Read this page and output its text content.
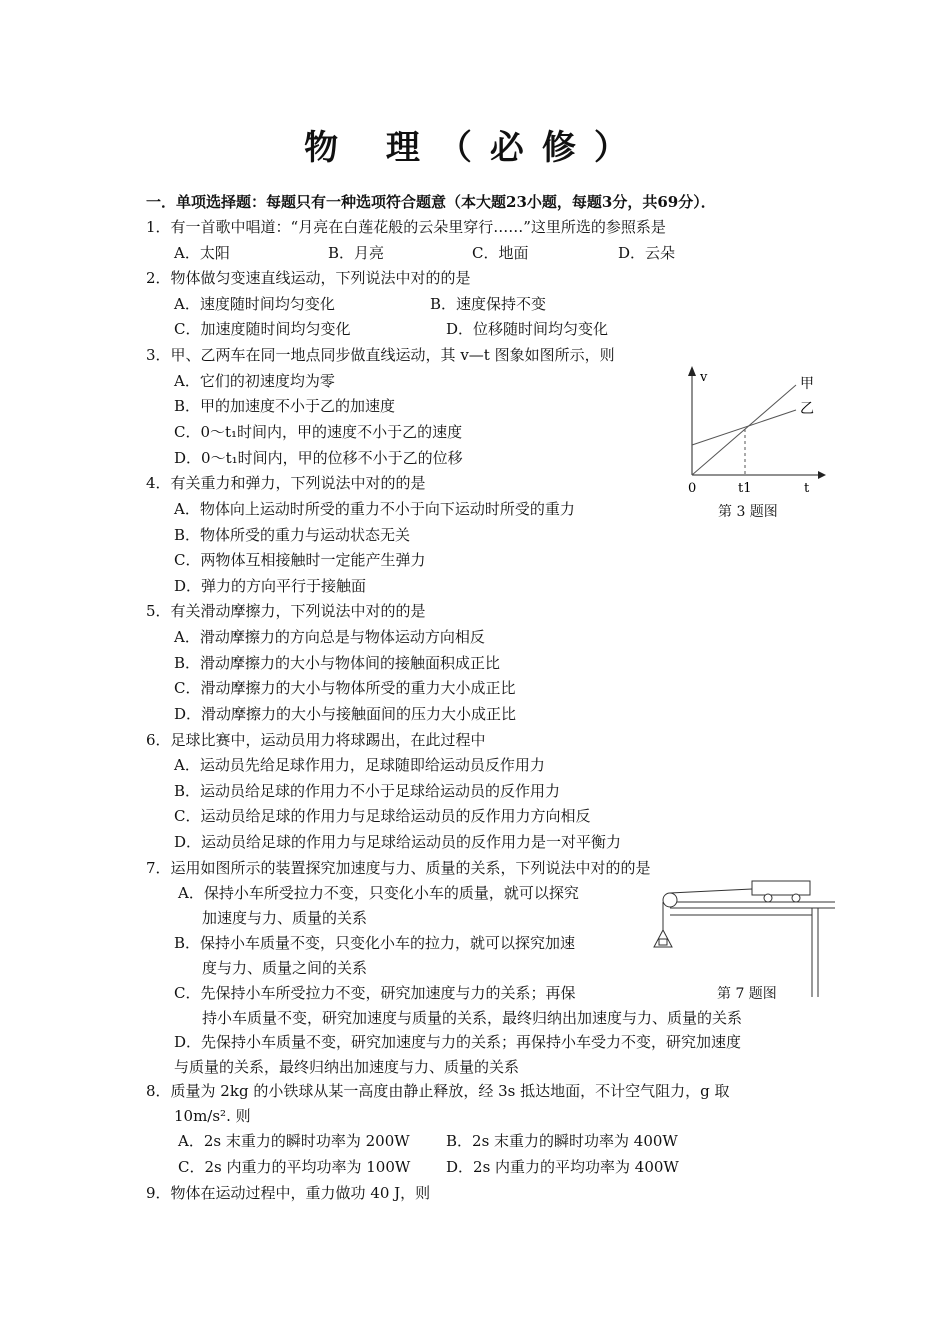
物 理（必修）
一．单项选择题：每题只有一种选项符合题意（本大题23小题，每题3分，共69分）．
1．有一首歌中唱道：“月亮在白莲花般的云朵里穿行……”这里所选的参照系是
A．太阳	B．月亮	C．地面	D．云朵
2．物体做匀变速直线运动，下列说法中对的的是
A．速度随时间均匀变化	B．速度保持不变
C．加速度随时间均匀变化	D．位移随时间均匀变化
3．甲、乙两车在同一地点同步做直线运动，其 v—t 图象如图所示，则
A．它们的初速度均为零
B．甲的加速度不小于乙的加速度
C．0～t₁时间内，甲的速度不小于乙的速度
D．0～t₁时间内，甲的位移不小于乙的位移
v	甲
乙
0	t1	t
第 3 题图
4．有关重力和弹力，下列说法中对的的是
A．物体向上运动时所受的重力不小于向下运动时所受的重力
B．物体所受的重力与运动状态无关
C．两物体互相接触时一定能产生弹力
D．弹力的方向平行于接触面
5．有关滑动摩擦力，下列说法中对的的是
A．滑动摩擦力的方向总是与物体运动方向相反
B．滑动摩擦力的大小与物体间的接触面积成正比
C．滑动摩擦力的大小与物体所受的重力大小成正比
D．滑动摩擦力的大小与接触面间的压力大小成正比
6．足球比赛中，运动员用力将球踢出，在此过程中
A．运动员先给足球作用力，足球随即给运动员反作用力
B．运动员给足球的作用力不小于足球给运动员的反作用力
C．运动员给足球的作用力与足球给运动员的反作用力方向相反
D．运动员给足球的作用力与足球给运动员的反作用力是一对平衡力
7．运用如图所示的装置探究加速度与力、质量的关系，下列说法中对的的是
A．保持小车所受拉力不变，只变化小车的质量，就可以探究
加速度与力、质量的关系
B．保持小车质量不变，只变化小车的拉力，就可以探究加速
度与力、质量之间的关系
C．先保持小车所受拉力不变，研究加速度与力的关系；再保
持小车质量不变，研究加速度与质量的关系，最终归纳出加速度与力、质量的关系
D．先保持小车质量不变，研究加速度与力的关系；再保持小车受力不变，研究加速度
与质量的关系，最终归纳出加速度与力、质量的关系
第 7 题图
8．质量为 2kg 的小铁球从某一高度由静止释放，经 3s 抵达地面，不计空气阻力，g 取
10m/s². 则
A．2s 末重力的瞬时功率为 200W B．2s 末重力的瞬时功率为 400W
C．2s 内重力的平均功率为 100W D．2s 内重力的平均功率为 400W
9．物体在运动过程中，重力做功 40 J，则
